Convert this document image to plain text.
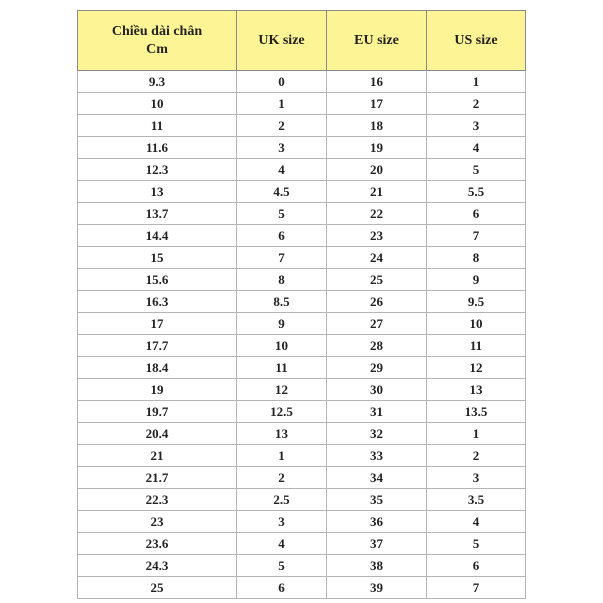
Chiều dài chân
Cm	UK size	EU size	US size
9.3	0	16	1
10	1	17	2
11	2	18	3
11.6	3	19	4
12.3	4	20	5
13	4.5	21	5.5
13.7	5	22	6
14.4	6	23	7
15	7	24	8
15.6	8	25	9
16.3	8.5	26	9.5
17	9	27	10
17.7	10	28	11
18.4	11	29	12
19	12	30	13
19.7	12.5	31	13.5
20.4	13	32	1
21	1	33	2
21.7	2	34	3
22.3	2.5	35	3.5
23	3	36	4
23.6	4	37	5
24.3	5	38	6
25	6	39	7
